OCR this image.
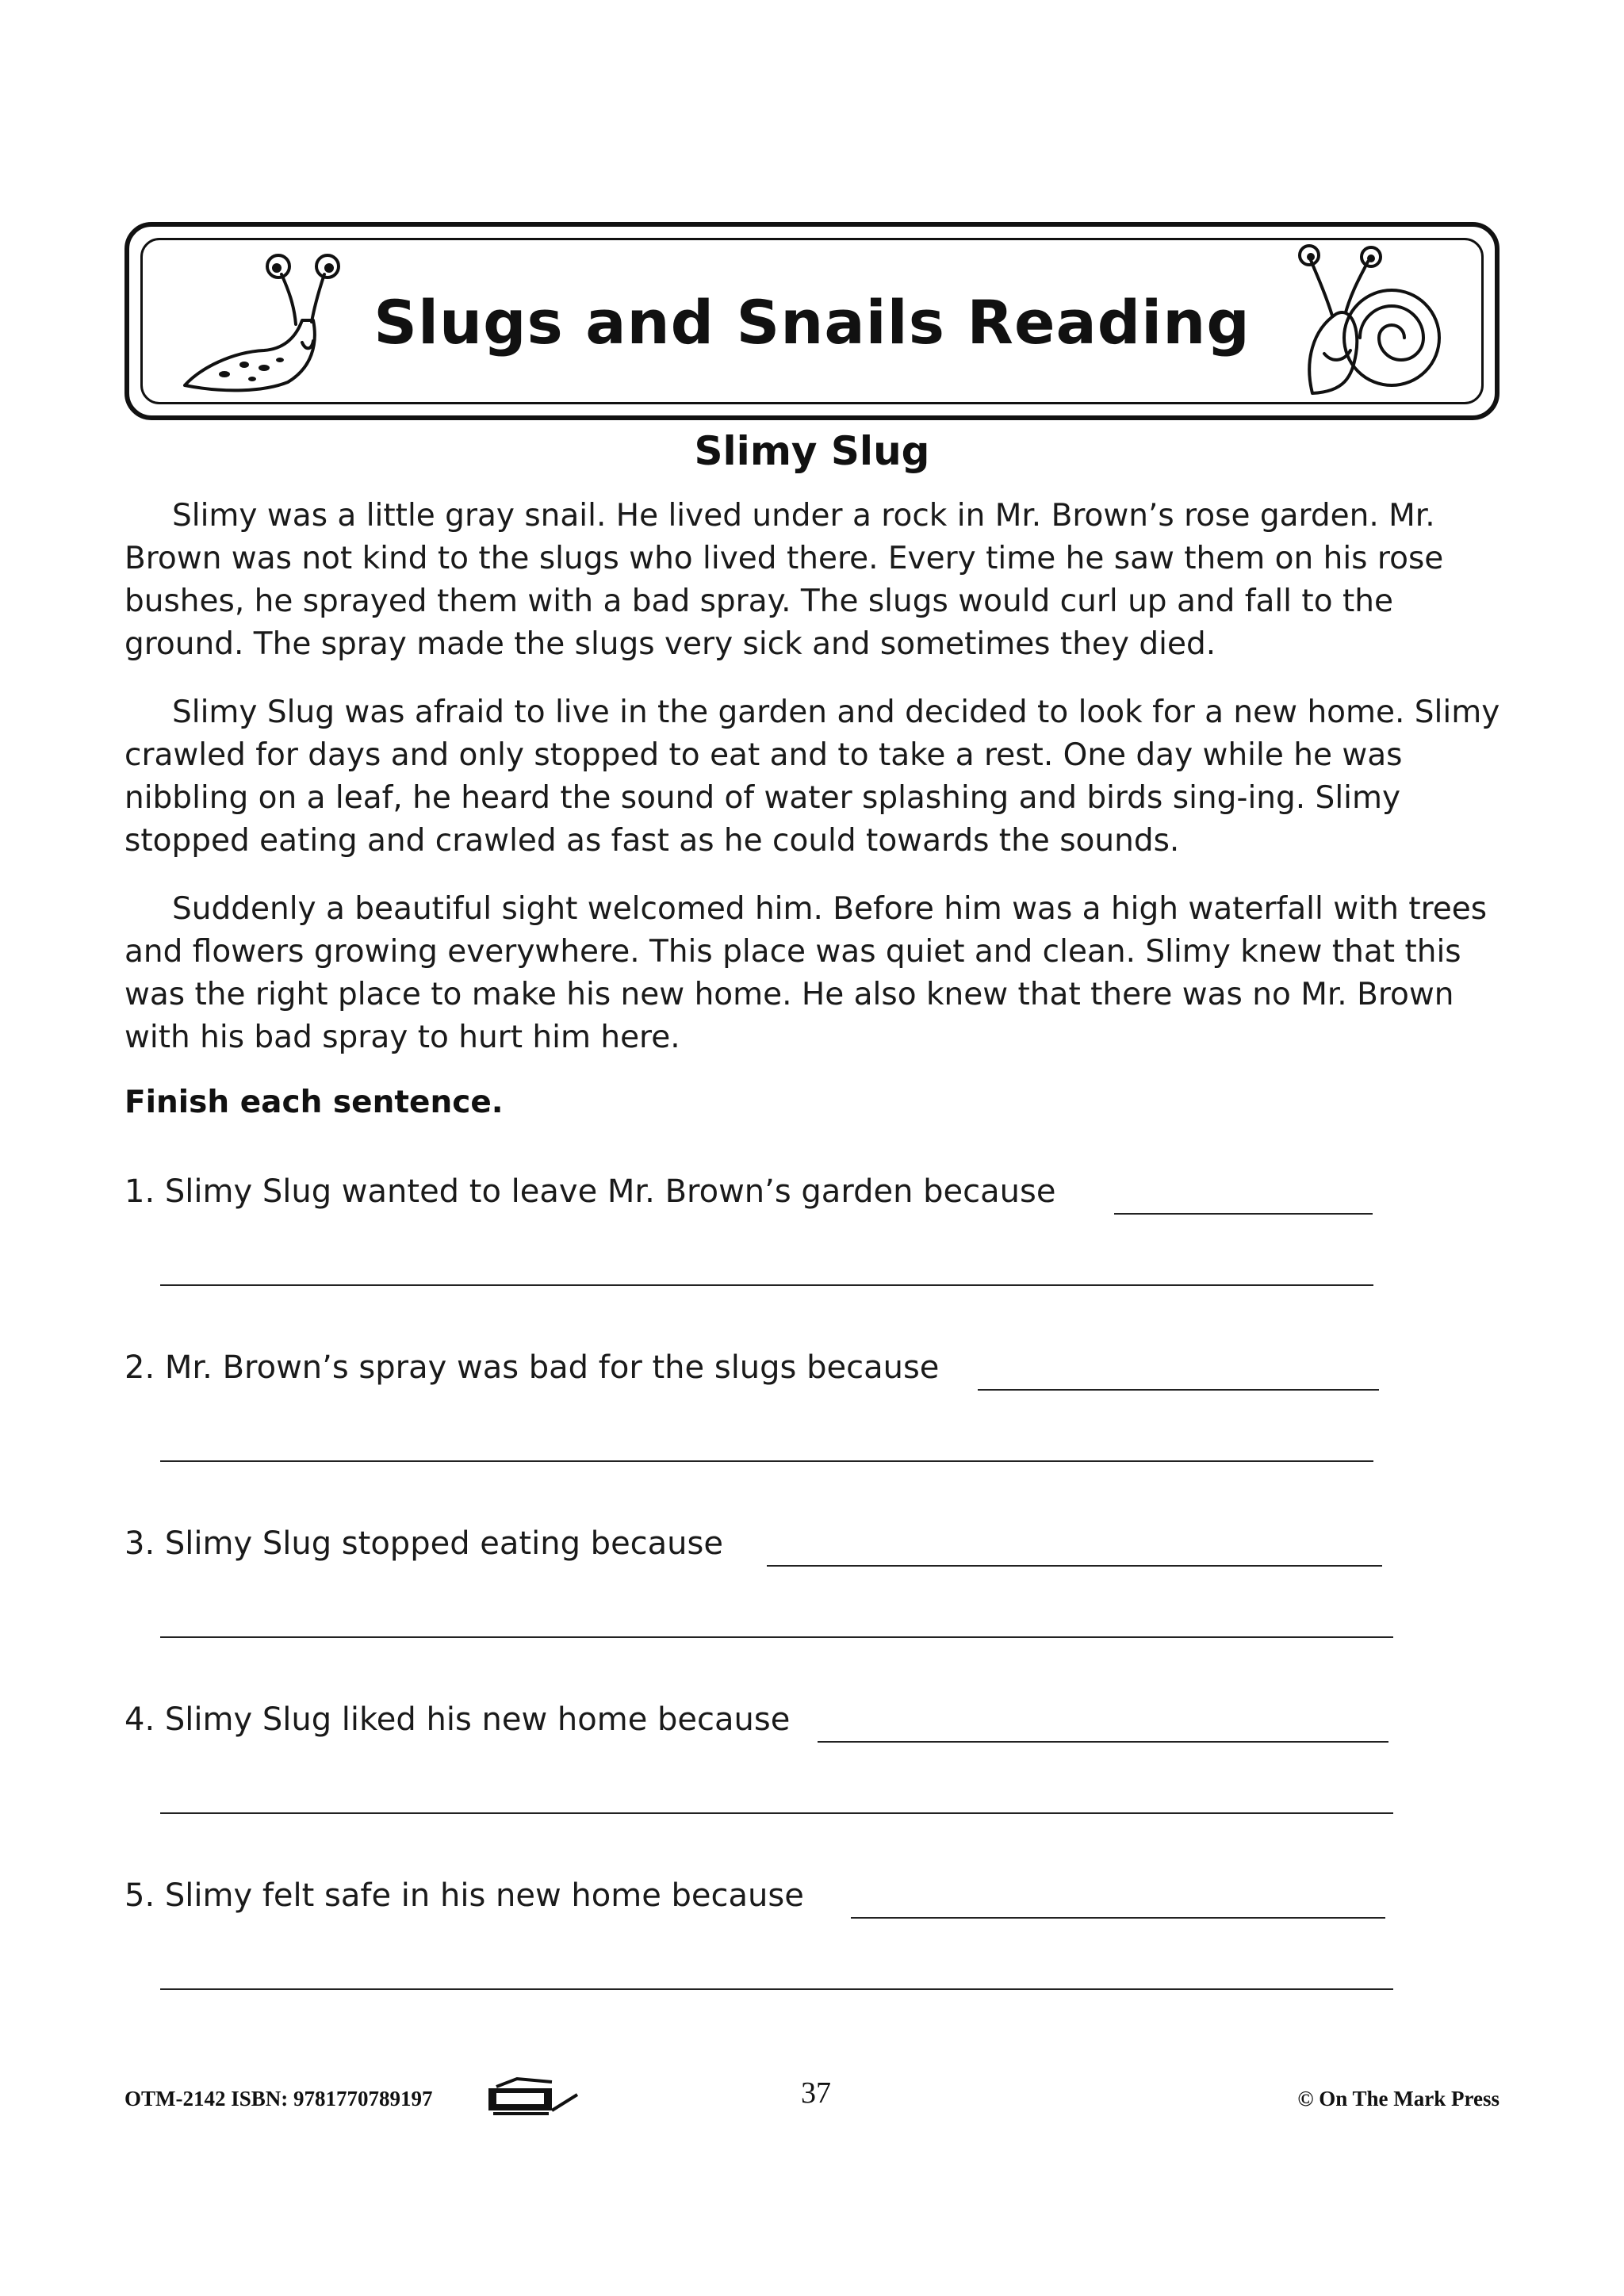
Slugs and Snails Reading
Slimy Slug

Slimy was a little gray snail. He lived under a rock in Mr. Brown’s rose garden. Mr. Brown was not kind to the slugs who lived there. Every time he saw them on his rose bushes, he sprayed them with a bad spray. The slugs would curl up and fall to the ground. The spray made the slugs very sick and sometimes they died.

Slimy Slug was afraid to live in the garden and decided to look for a new home. Slimy crawled for days and only stopped to eat and to take a rest. One day while he was nibbling on a leaf, he heard the sound of water splashing and birds sing-ing. Slimy stopped eating and crawled as fast as he could towards the sounds.

Suddenly a beautiful sight welcomed him. Before him was a high waterfall with trees and flowers growing everywhere. This place was quiet and clean. Slimy knew that this was the right place to make his new home. He also knew that there was no Mr. Brown with his bad spray to hurt him here.

Finish each sentence.
1. Slimy Slug wanted to leave Mr. Brown’s garden because
2. Mr. Brown’s spray was bad for the slugs because
3. Slimy Slug stopped eating because
4. Slimy Slug liked his new home because
5. Slimy felt safe in his new home because
OTM-2142 ISBN: 9781770789197	37	© On The Mark Press
